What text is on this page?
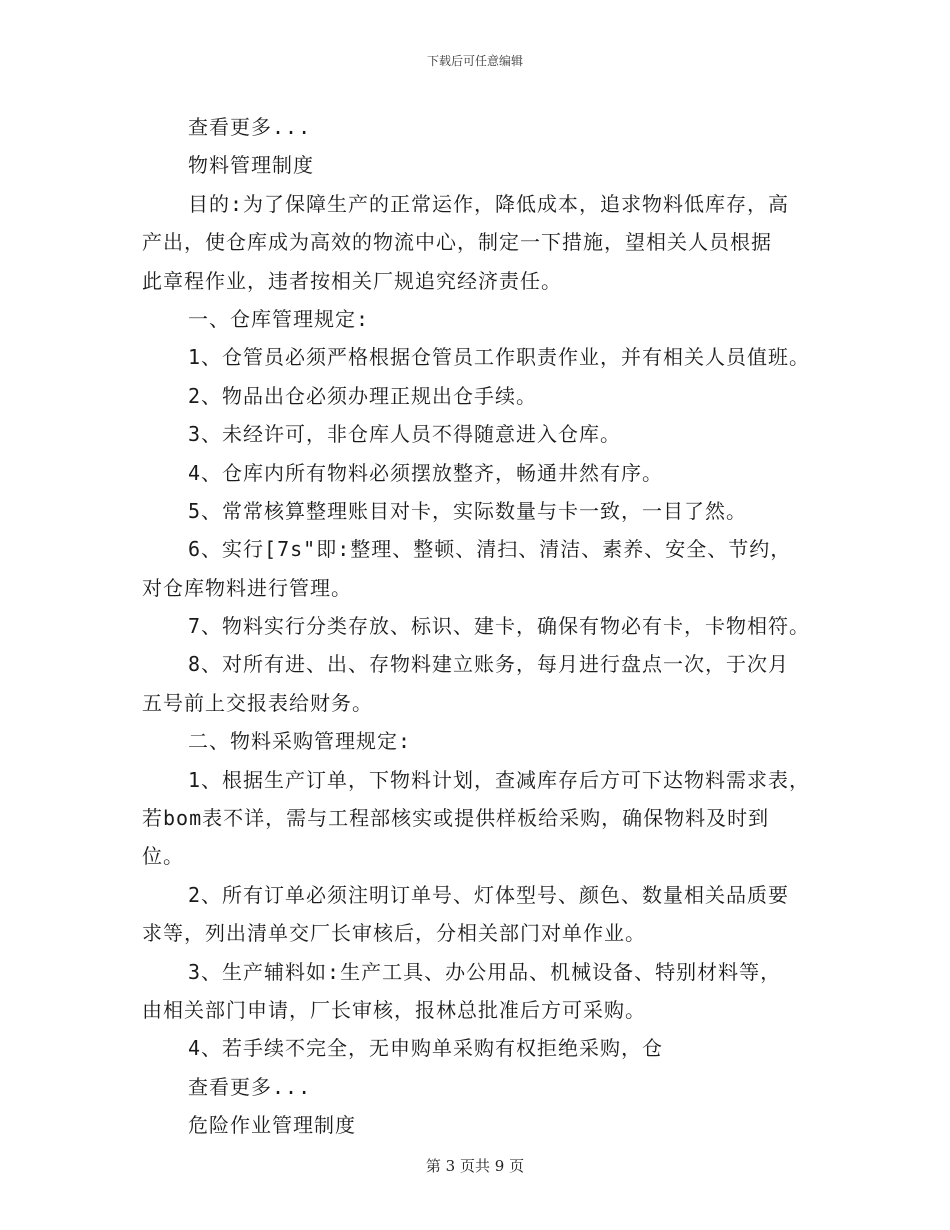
下载后可任意编辑
查看更多...
物料管理制度
目的:为了保障生产的正常运作，降低成本，追求物料低库存，高
产出，使仓库成为高效的物流中心，制定一下措施，望相关人员根据
此章程作业，违者按相关厂规追究经济责任。
一、仓库管理规定:
1、仓管员必须严格根据仓管员工作职责作业，并有相关人员值班。
2、物品出仓必须办理正规出仓手续。
3、未经许可，非仓库人员不得随意进入仓库。
4、仓库内所有物料必须摆放整齐，畅通井然有序。
5、常常核算整理账目对卡，实际数量与卡一致，一目了然。
6、实行[7s"即:整理、整顿、清扫、清洁、素养、安全、节约，
对仓库物料进行管理。
7、物料实行分类存放、标识、建卡，确保有物必有卡，卡物相符。
8、对所有进、出、存物料建立账务，每月进行盘点一次，于次月
五号前上交报表给财务。
二、物料采购管理规定:
1、根据生产订单，下物料计划，查减库存后方可下达物料需求表，
若bom表不详，需与工程部核实或提供样板给采购，确保物料及时到
位。
2、所有订单必须注明订单号、灯体型号、颜色、数量相关品质要
求等，列出清单交厂长审核后，分相关部门对单作业。
3、生产辅料如:生产工具、办公用品、机械设备、特别材料等，
由相关部门申请，厂长审核，报林总批准后方可采购。
4、若手续不完全，无申购单采购有权拒绝采购，仓
查看更多...
危险作业管理制度
第 3 页共 9 页
